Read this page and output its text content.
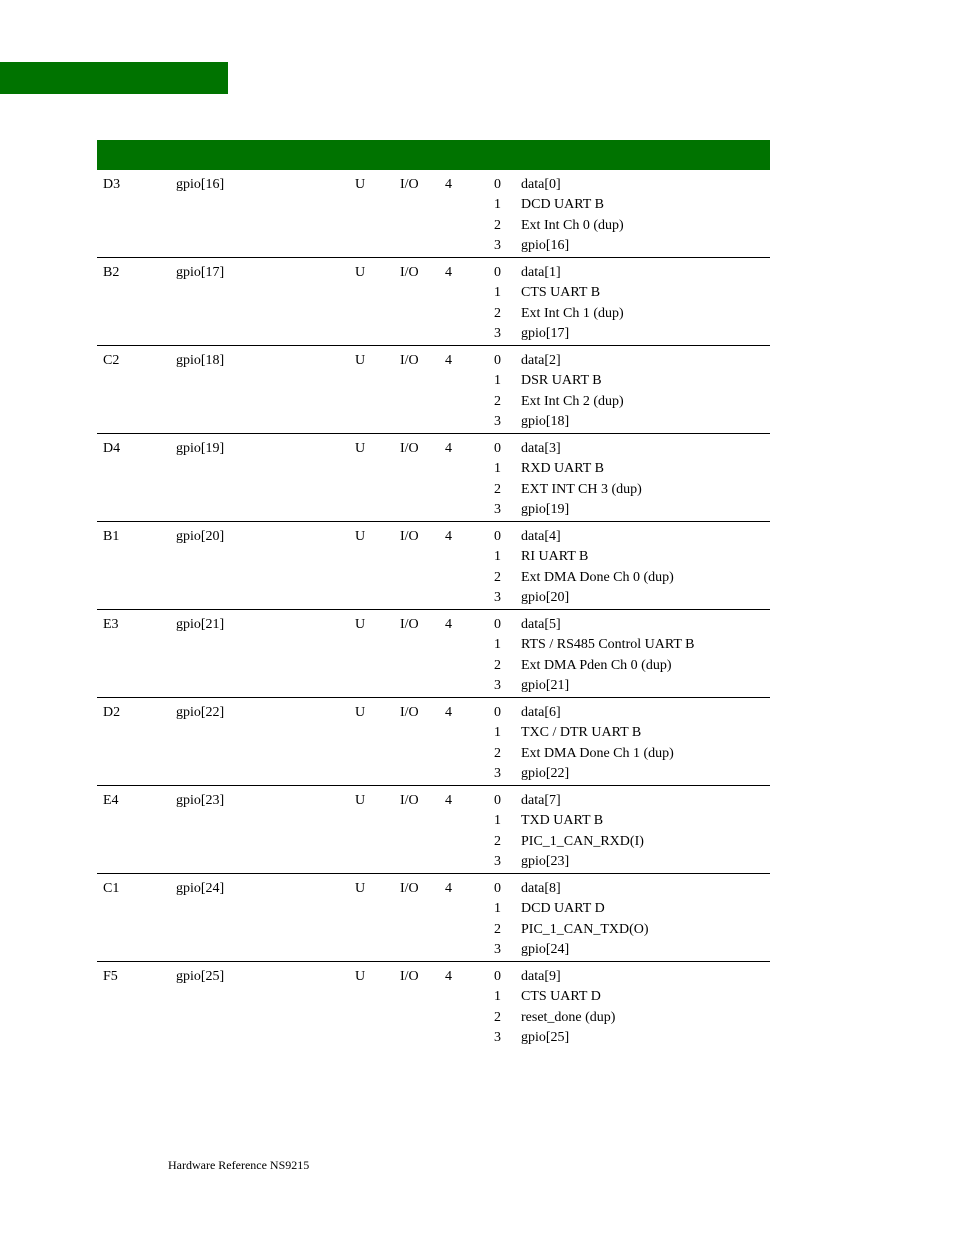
D3	gpio[16]	U I/O 4	0 data[0]
1 DCD UART B
2 Ext Int Ch 0 (dup)
3 gpio[16]
B2	gpio[17]	U I/O 4	0 data[1]
1 CTS UART B
2 Ext Int Ch 1 (dup)
3 gpio[17]
C2	gpio[18]	U I/O 4	0 data[2]
1 DSR UART B
2 Ext Int Ch 2 (dup)
3 gpio[18]
D4	gpio[19]	U I/O 4	0 data[3]
1 RXD UART B
2 EXT INT CH 3 (dup)
3 gpio[19]
B1	gpio[20]	U I/O 4	0 data[4]
1 RI UART B
2 Ext DMA Done Ch 0 (dup)
3 gpio[20]
E3	gpio[21]	U I/O 4	0 data[5]
1 RTS / RS485 Control UART B
2 Ext DMA Pden Ch 0 (dup)
3 gpio[21]
D2	gpio[22]	U I/O 4	0 data[6]
1 TXC / DTR UART B
2 Ext DMA Done Ch 1 (dup)
3 gpio[22]
E4	gpio[23]	U I/O 4	0 data[7]
1 TXD UART B
2 PIC_1_CAN_RXD(I)
3 gpio[23]
C1	gpio[24]	U I/O 4	0 data[8]
1 DCD UART D
2 PIC_1_CAN_TXD(O)
3 gpio[24]
F5	gpio[25]	U I/O 4	0 data[9]
1 CTS UART D
2 reset_done (dup)
3 gpio[25]
Hardware Reference NS9215
